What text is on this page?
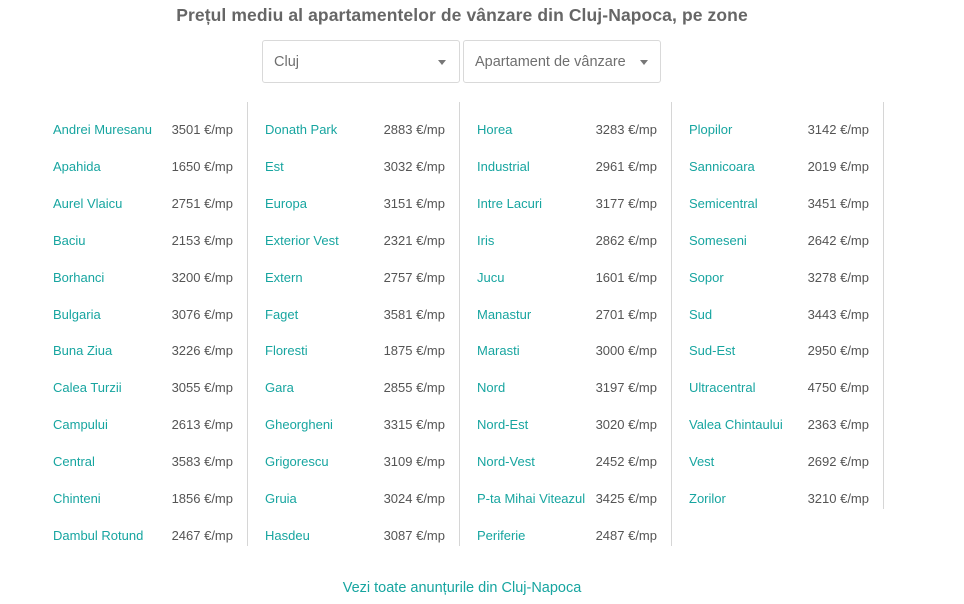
Prețul mediu al apartamentelor de vânzare din Cluj-Napoca, pe zone
Cluj	Apartament de vânzare
Andrei Muresanu 3501 €/mp
Apahida	1650 €/mp
Aurel Vlaicu	2751 €/mp
Baciu	2153 €/mp
Borhanci	3200 €/mp
Bulgaria	3076 €/mp
Buna Ziua	3226 €/mp
Calea Turzii	3055 €/mp
Campului	2613 €/mp
Central	3583 €/mp
Chinteni	1856 €/mp
Dambul Rotund 2467 €/mp
Donath Park	2883 €/mp
Est	3032 €/mp
Europa	3151 €/mp
Exterior Vest	2321 €/mp
Extern	2757 €/mp
Faget	3581 €/mp
Floresti	1875 €/mp
Gara	2855 €/mp
Gheorgheni	3315 €/mp
Grigorescu	3109 €/mp
Gruia	3024 €/mp
Hasdeu	3087 €/mp
Horea	3283 €/mp
Industrial	2961 €/mp
Intre Lacuri	3177 €/mp
Iris	2862 €/mp
Jucu	1601 €/mp
Manastur	2701 €/mp
Marasti	3000 €/mp
Nord	3197 €/mp
Nord-Est	3020 €/mp
Nord-Vest	2452 €/mp
P-ta Mihai Viteazul 3425 €/mp
Periferie	2487 €/mp
Plopilor	3142 €/mp
Sannicoara	2019 €/mp
Semicentral	3451 €/mp
Someseni	2642 €/mp
Sopor	3278 €/mp
Sud	3443 €/mp
Sud-Est	2950 €/mp
Ultracentral	4750 €/mp
Valea Chintaului 2363 €/mp
Vest	2692 €/mp
Zorilor	3210 €/mp
Vezi toate anunțurile din Cluj-Napoca
